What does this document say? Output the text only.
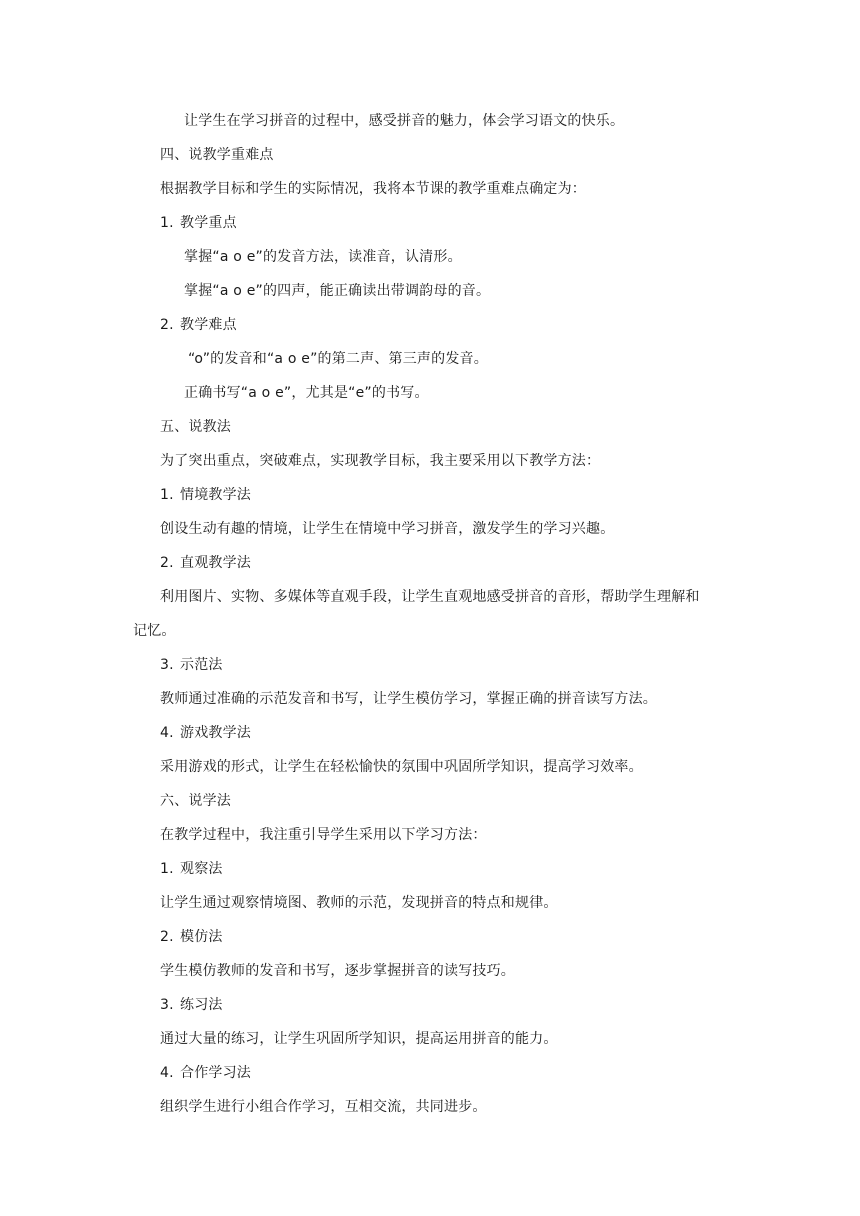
让学生在学习拼音的过程中，感受拼音的魅力，体会学习语文的快乐。
四、说教学重难点
根据教学目标和学生的实际情况，我将本节课的教学重难点确定为：
1. 教学重点
掌握“a o e”的发音方法，读准音，认清形。
掌握“a o e”的四声，能正确读出带调韵母的音。
2. 教学难点
“o”的发音和“a o e”的第二声、第三声的发音。
正确书写“a o e”，尤其是“e”的书写。
五、说教法
为了突出重点，突破难点，实现教学目标，我主要采用以下教学方法：
1. 情境教学法
创设生动有趣的情境，让学生在情境中学习拼音，激发学生的学习兴趣。
2. 直观教学法
利用图片、实物、多媒体等直观手段，让学生直观地感受拼音的音形，帮助学生理解和
记忆。
3. 示范法
教师通过准确的示范发音和书写，让学生模仿学习，掌握正确的拼音读写方法。
4. 游戏教学法
采用游戏的形式，让学生在轻松愉快的氛围中巩固所学知识，提高学习效率。
六、说学法
在教学过程中，我注重引导学生采用以下学习方法：
1. 观察法
让学生通过观察情境图、教师的示范，发现拼音的特点和规律。
2. 模仿法
学生模仿教师的发音和书写，逐步掌握拼音的读写技巧。
3. 练习法
通过大量的练习，让学生巩固所学知识，提高运用拼音的能力。
4. 合作学习法
组织学生进行小组合作学习，互相交流，共同进步。
